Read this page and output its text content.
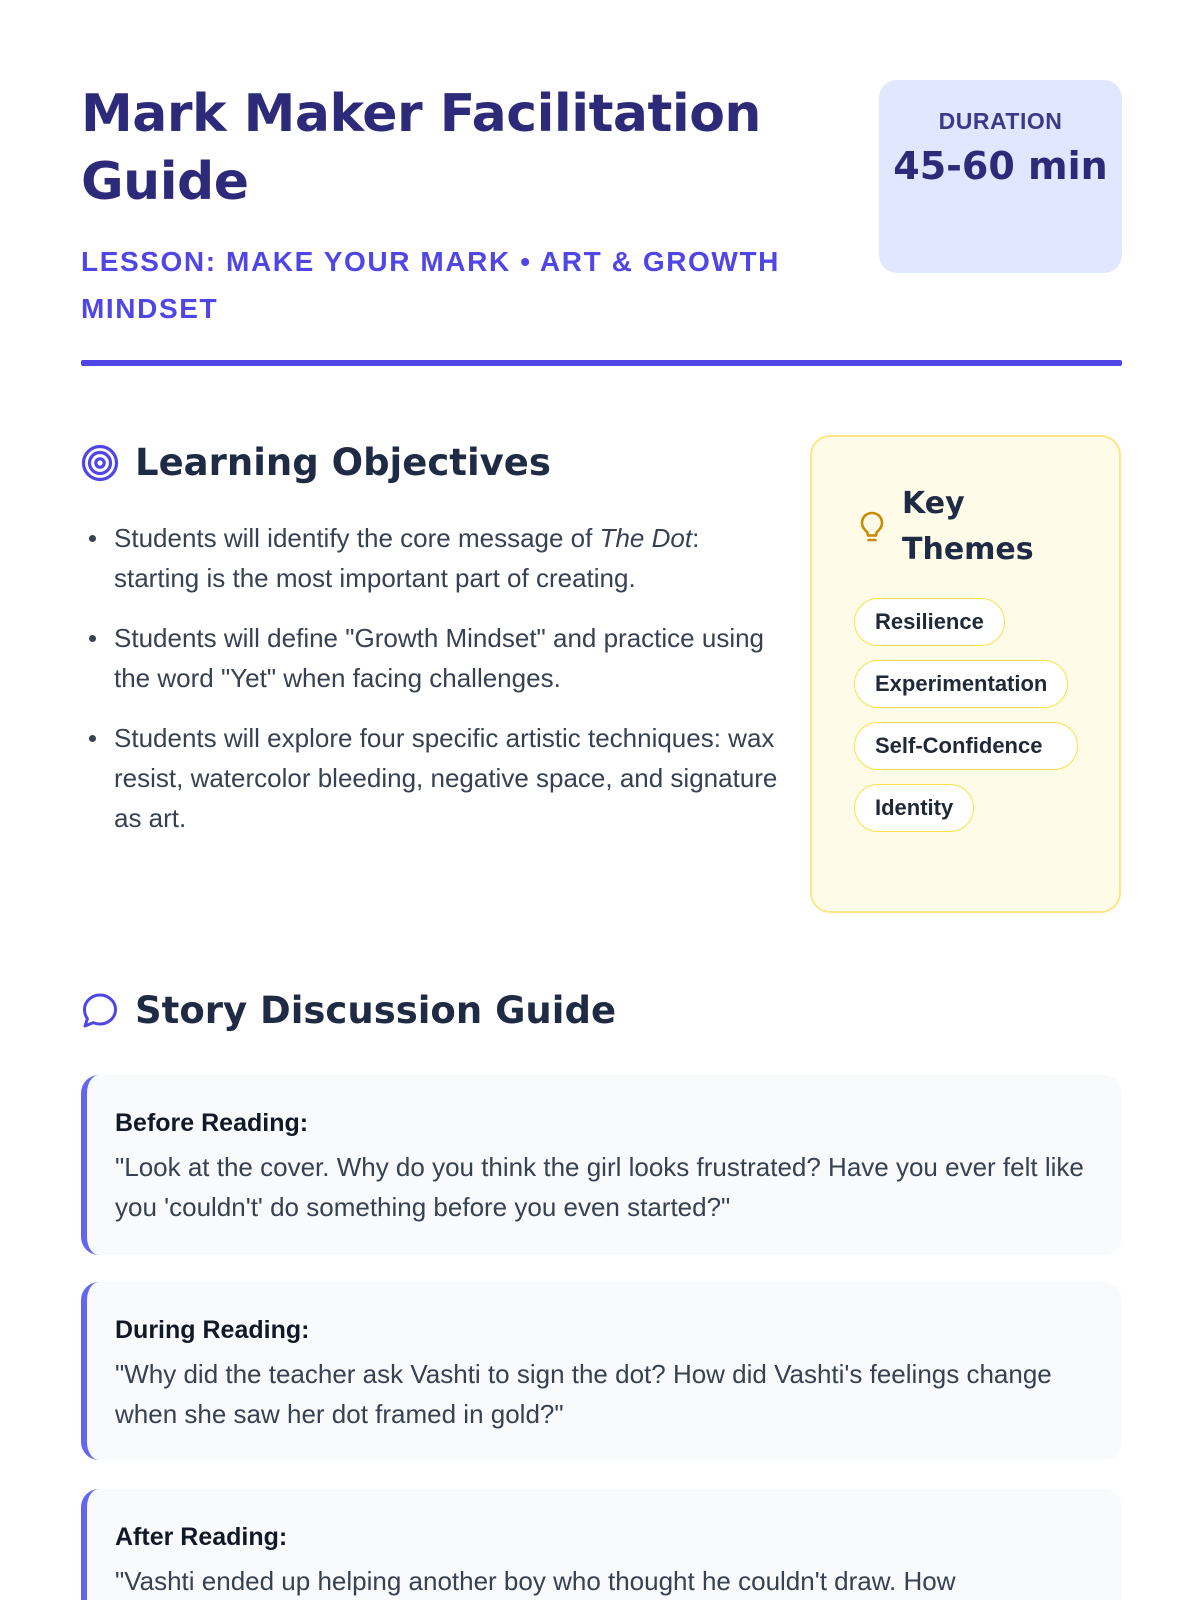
Mark Maker Facilitation Guide
LESSON: MAKE YOUR MARK • ART & GROWTH MINDSET
DURATION
45-60 min
Learning Objectives
Students will identify the core message of The Dot: starting is the most important part of creating.
Students will define "Growth Mindset" and practice using the word "Yet" when facing challenges.
Students will explore four specific artistic techniques: wax resist, watercolor bleeding, negative space, and signature as art.
Key Themes
Resilience
Experimentation
Self-Confidence
Identity
Story Discussion Guide
Before Reading:
"Look at the cover. Why do you think the girl looks frustrated? Have you ever felt like you 'couldn't' do something before you even started?"
During Reading:
"Why did the teacher ask Vashti to sign the dot? How did Vashti's feelings change when she saw her dot framed in gold?"
After Reading:
"Vashti ended up helping another boy who thought he couldn't draw. How
